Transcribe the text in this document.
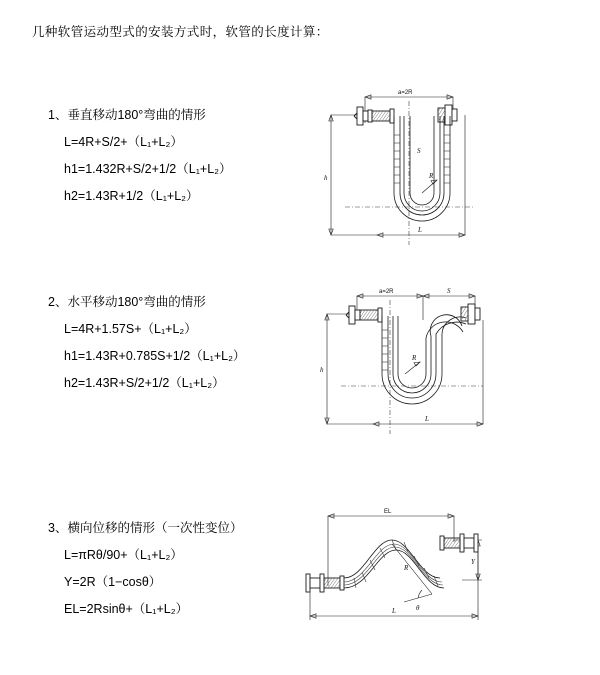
几种软管运动型式的安装方式时，软管的长度计算：

1、垂直移动180°弯曲的情形

L=4R+S/2+（L₁+L₂）

h1=1.432R+S/2+1/2（L₁+L₂）

h2=1.43R+1/2（L₁+L₂）

a=2R
h	R
S
L

2、水平移动180°弯曲的情形

L=4R+1.57S+（L₁+L₂）

h1=1.43R+0.785S+1/2（L₁+L₂）

h2=1.43R+S/2+1/2（L₁+L₂）

a=2R	S
h
R
L

3、横向位移的情形（一次性变位）

L=πRθ/90+（L₁+L₂）

Y=2R（1−cosθ）

EL=2Rsinθ+（L₁+L₂）

EL
Y
R
θ
L
